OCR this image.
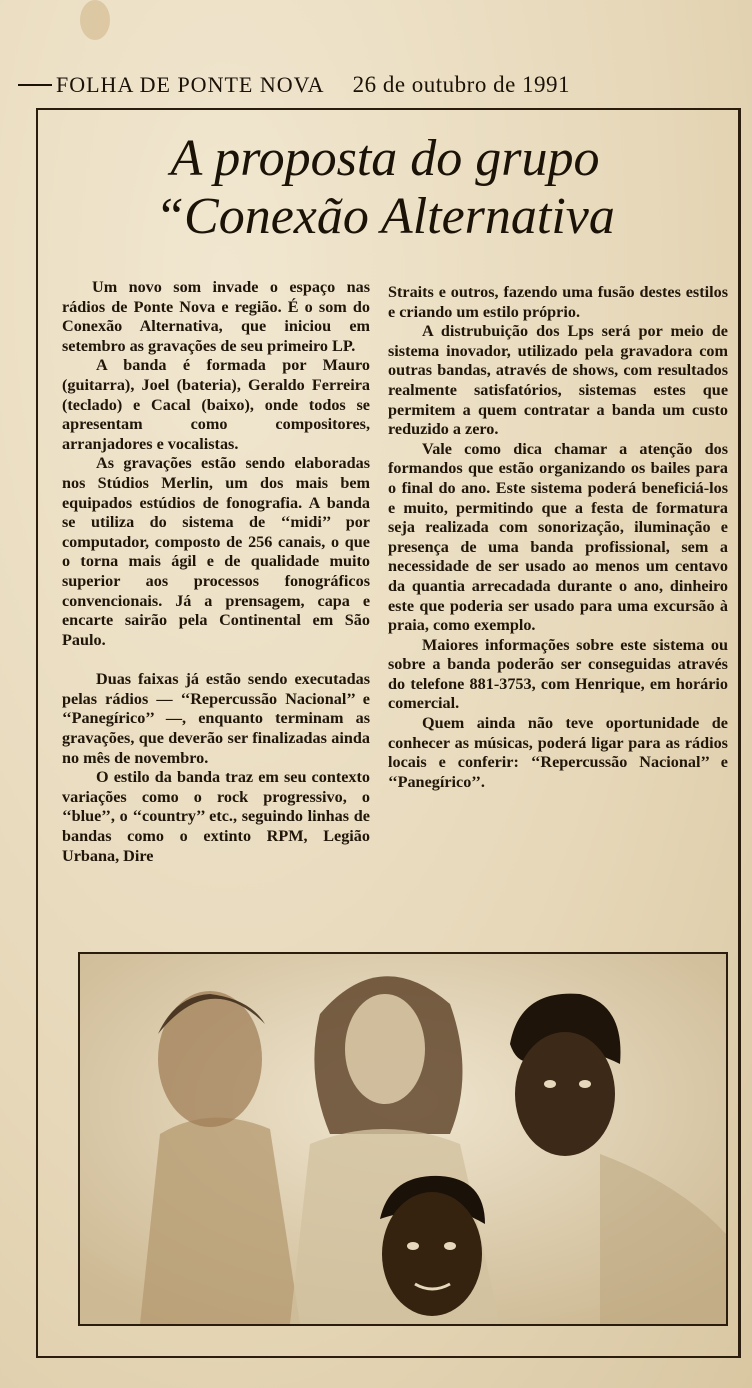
FOLHA DE PONTE NOVA 26 de outubro de 1991
A proposta do grupo
“Conexão Alternativa

Um novo som invade o espaço nas rádios de Ponte Nova e região. É o som do Conexão Alternativa, que iniciou em setembro as gravações de seu primeiro LP.

A banda é formada por Mauro (guitarra), Joel (bateria), Geraldo Ferreira (teclado) e Cacal (baixo), onde todos se apresentam como compositores, arranjadores e vocalistas.

As gravações estão sendo elaboradas nos Stúdios Merlin, um dos mais bem equipados estúdios de fonografia. A banda se utiliza do sistema de ‘‘midi’’ por computador, composto de 256 canais, o que o torna mais ágil e de qualidade muito superior aos processos fonográficos convencionais. Já a prensagem, capa e encarte sairão pela Continental em São Paulo.

Duas faixas já estão sendo executadas pelas rádios — ‘‘Repercussão Nacional’’ e ‘‘Panegírico’’ —, enquanto terminam as gravações, que deverão ser finalizadas ainda no mês de novembro.

O estilo da banda traz em seu contexto variações como o rock progressivo, o ‘‘blue’’, o ‘‘country’’ etc., seguindo linhas de bandas como o extinto RPM, Legião Urbana, Dire

Straits e outros, fazendo uma fusão destes estilos e criando um estilo próprio.

A distrubuição dos Lps será por meio de sistema inovador, utilizado pela gravadora com outras bandas, através de shows, com resultados realmente satisfatórios, sistemas estes que permitem a quem contratar a banda um custo reduzido a zero.

Vale como dica chamar a atenção dos formandos que estão organizando os bailes para o final do ano. Este sistema poderá beneficiá-los e muito, permitindo que a festa de formatura seja realizada com sonorização, iluminação e presença de uma banda profissional, sem a necessidade de ser usado ao menos um centavo da quantia arrecadada durante o ano, dinheiro este que poderia ser usado para uma excursão à praia, como exemplo.

Maiores informações sobre este sistema ou sobre a banda poderão ser conseguidas através do telefone 881-3753, com Henrique, em horário comercial.

Quem ainda não teve oportunidade de conhecer as músicas, poderá ligar para as rádios locais e conferir: ‘‘Repercussão Nacional’’ e ‘‘Panegírico’’.
